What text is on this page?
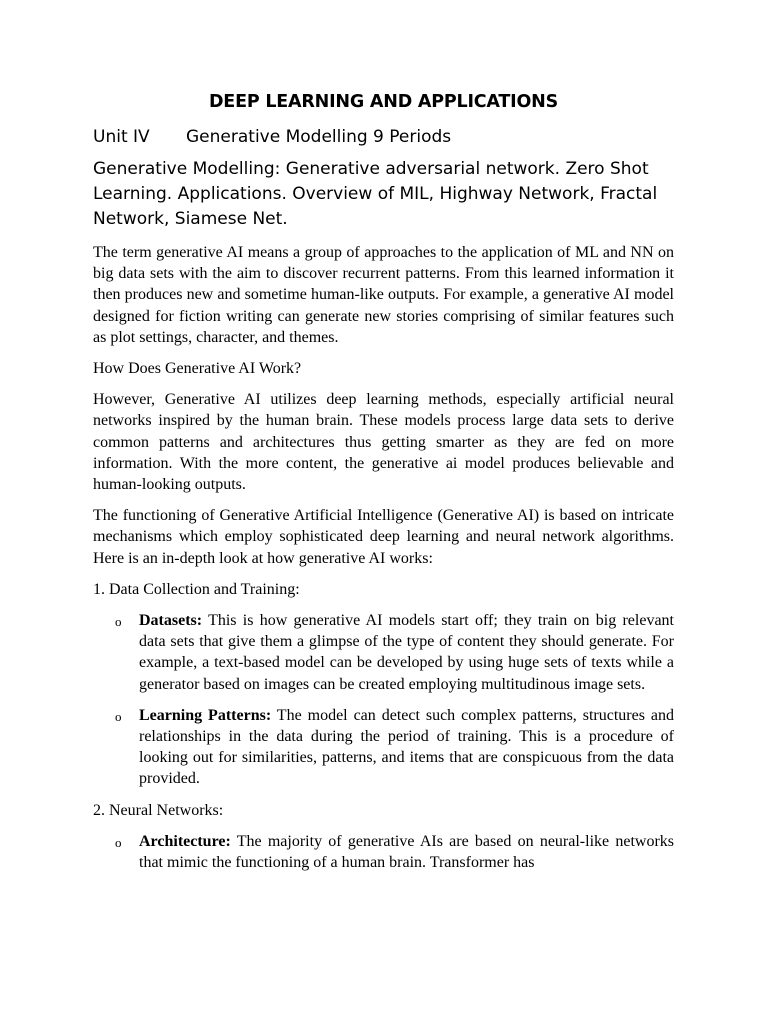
DEEP LEARNING AND APPLICATIONS
Unit IV	Generative Modelling 9 Periods

Generative Modelling: Generative adversarial network. Zero Shot Learning. Applications. Overview of MIL, Highway Network, Fractal Network, Siamese Net.

The term generative AI means a group of approaches to the application of ML and NN on big data sets with the aim to discover recurrent patterns. From this learned information it then produces new and sometime human-like outputs. For example, a generative AI model designed for fiction writing can generate new stories comprising of similar features such as plot settings, character, and themes.

How Does Generative AI Work?

However, Generative AI utilizes deep learning methods, especially artificial neural networks inspired by the human brain. These models process large data sets to derive common patterns and architectures thus getting smarter as they are fed on more information. With the more content, the generative ai model produces believable and human-looking outputs.

The functioning of Generative Artificial Intelligence (Generative AI) is based on intricate mechanisms which employ sophisticated deep learning and neural network algorithms. Here is an in-depth look at how generative AI works:

1. Data Collection and Training:

o	Datasets: This is how generative AI models start off; they train on big relevant data sets that give them a glimpse of the type of content they should generate. For example, a text-based model can be developed by using huge sets of texts while a generator based on images can be created employing multitudinous image sets.
o	Learning Patterns: The model can detect such complex patterns, structures and relationships in the data during the period of training. This is a procedure of looking out for similarities, patterns, and items that are conspicuous from the data provided.

2. Neural Networks:

o	Architecture: The majority of generative AIs are based on neural-like networks that mimic the functioning of a human brain. Transformer has
